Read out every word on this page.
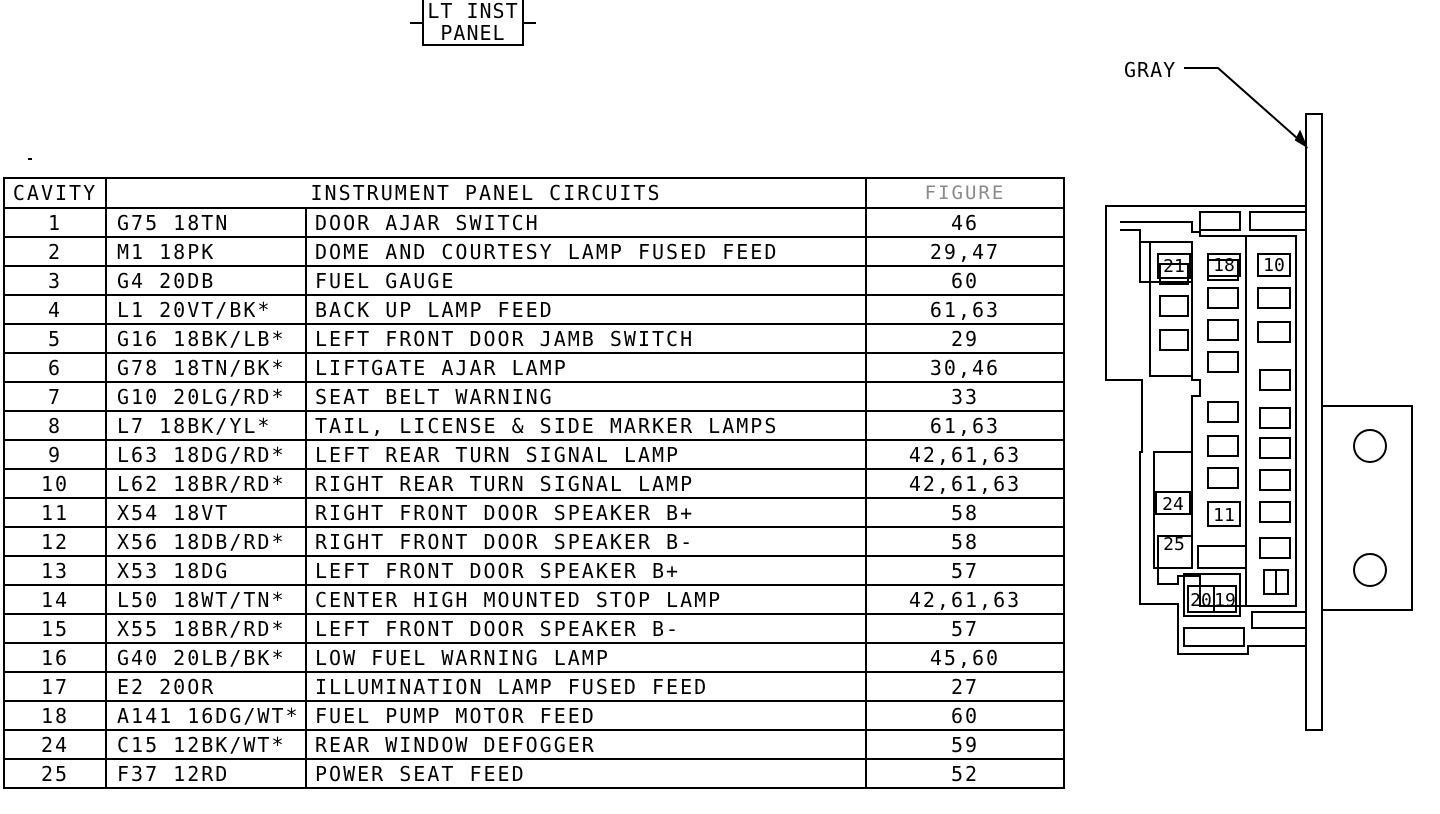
LT INST
PANEL
CAVITY	INSTRUMENT PANEL CIRCUITS		FIGURE
1	G75 18TN	DOOR AJAR SWITCH	46
2	M1 18PK	DOME AND COURTESY LAMP FUSED FEED	29,47
3	G4 20DB	FUEL GAUGE	60
4	L1 20VT/BK*	BACK UP LAMP FEED	61,63
5	G16 18BK/LB*	LEFT FRONT DOOR JAMB SWITCH	29
6	G78 18TN/BK*	LIFTGATE AJAR LAMP	30,46
7	G10 20LG/RD*	SEAT BELT WARNING	33
8	L7 18BK/YL*	TAIL, LICENSE & SIDE MARKER LAMPS	61,63
9	L63 18DG/RD*	LEFT REAR TURN SIGNAL LAMP	42,61,63
10	L62 18BR/RD*	RIGHT REAR TURN SIGNAL LAMP	42,61,63
11	X54 18VT	RIGHT FRONT DOOR SPEAKER B+	58
12	X56 18DB/RD*	RIGHT FRONT DOOR SPEAKER B-	58
13	X53 18DG	LEFT FRONT DOOR SPEAKER B+	57
14	L50 18WT/TN*	CENTER HIGH MOUNTED STOP LAMP	42,61,63
15	X55 18BR/RD*	LEFT FRONT DOOR SPEAKER B-	57
16	G40 20LB/BK*	LOW FUEL WARNING LAMP	45,60
17	E2 20OR	ILLUMINATION LAMP FUSED FEED	27
18	A141 16DG/WT*	FUEL PUMP MOTOR FEED	60
24	C15 12BK/WT*	REAR WINDOW DEFOGGER	59
25	F37 12RD	POWER SEAT FEED	52
GRAY
21 18 10
24
11
25
20 19
